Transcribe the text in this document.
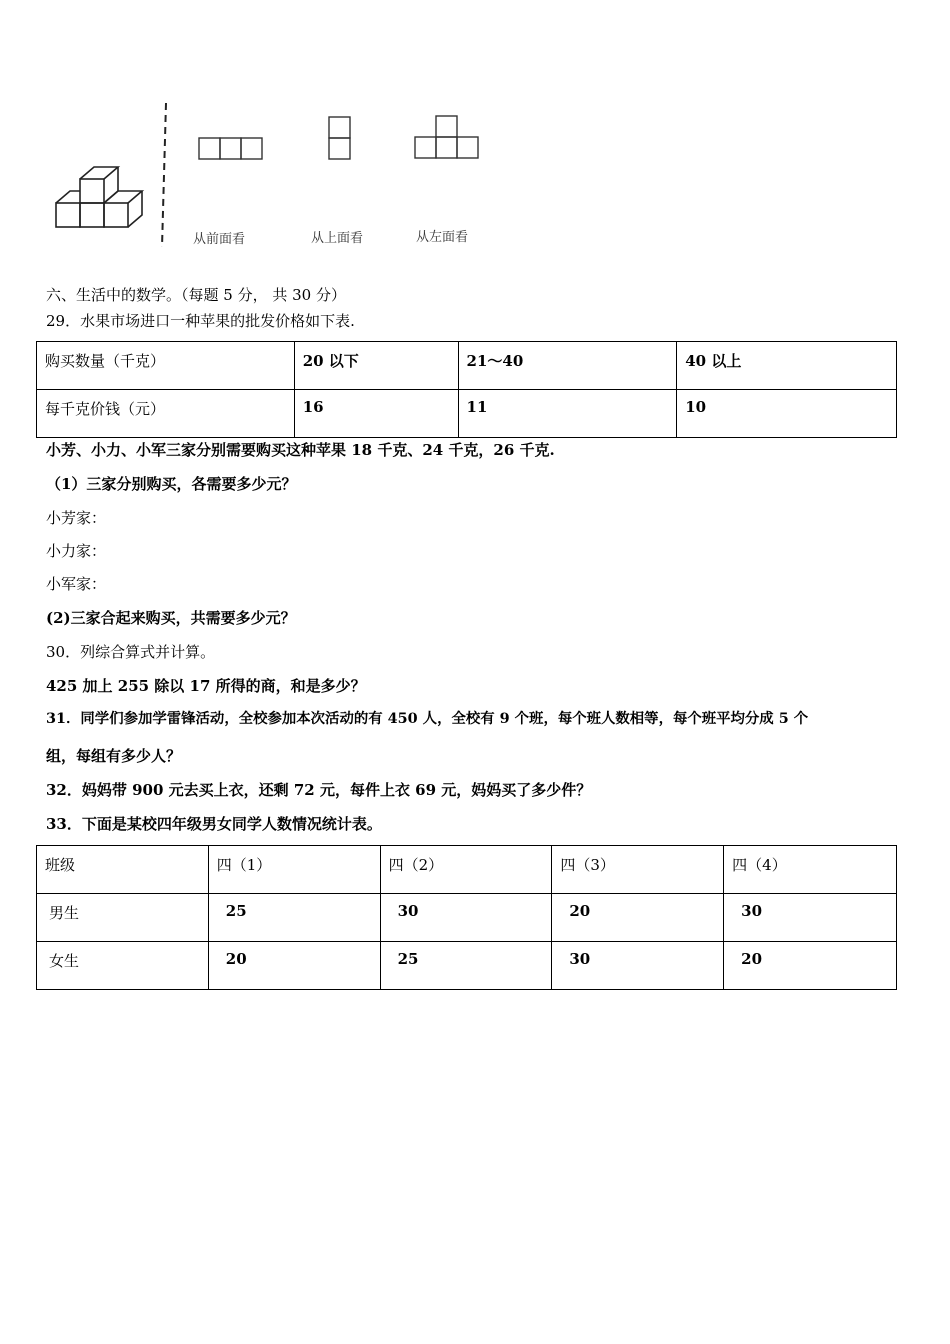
从前面看	从上面看	从左面看
六、生活中的数学。（每题 5 分， 共 30 分）
29．水果市场进口一种苹果的批发价格如下表.
购买数量（千克）	20 以下	21～40	40 以上
每千克价钱（元）	16	11	10
小芳、小力、小军三家分别需要购买这种苹果 18 千克、24 千克，26 千克.
（1）三家分别购买，各需要多少元？
小芳家：
小力家：
小军家：
(2)三家合起来购买，共需要多少元？
30．列综合算式并计算。
425 加上 255 除以 17 所得的商，和是多少？
31．同学们参加学雷锋活动，全校参加本次活动的有 450 人，全校有 9 个班，每个班人数相等，每个班平均分成 5 个
组，每组有多少人？
32．妈妈带 900 元去买上衣，还剩 72 元，每件上衣 69 元，妈妈买了多少件？
33．下面是某校四年级男女同学人数情况统计表。
班级	四（1）	四（2）	四（3）	四（4）
男生	25	30	20	30
女生	20	25	30	20
